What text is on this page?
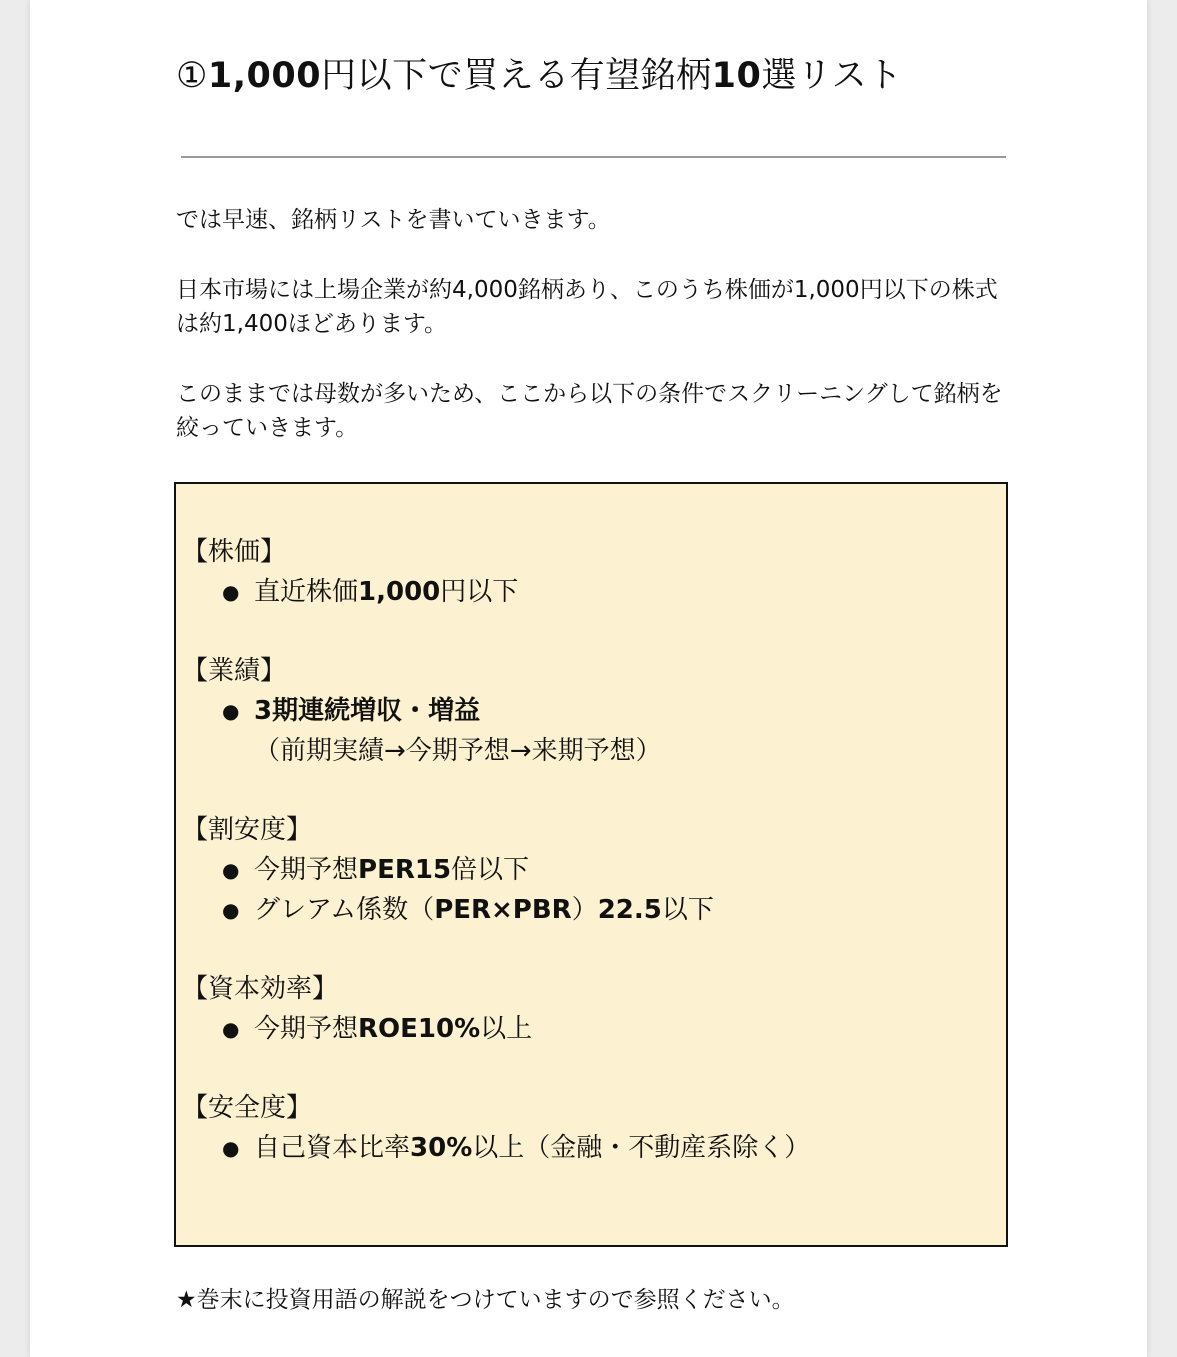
①1,000円以下で買える有望銘柄10選リスト

では早速、銘柄リストを書いていきます。

日本市場には上場企業が約4,000銘柄あり、このうち株価が1,000円以下の株式は約1,400ほどあります。

このままでは母数が多いため、ここから以下の条件でスクリーニングして銘柄を絞っていきます。

【株価】

● 直近株価1,000円以下

【業績】

● 3期連続増収・増益
（前期実績→今期予想→来期予想）

【割安度】

● 今期予想PER15倍以下
● グレアム係数（PER×PBR）22.5以下

【資本効率】

● 今期予想ROE10%以上

【安全度】

● 自己資本比率30%以上（金融・不動産系除く）

★巻末に投資用語の解説をつけていますので参照ください。
